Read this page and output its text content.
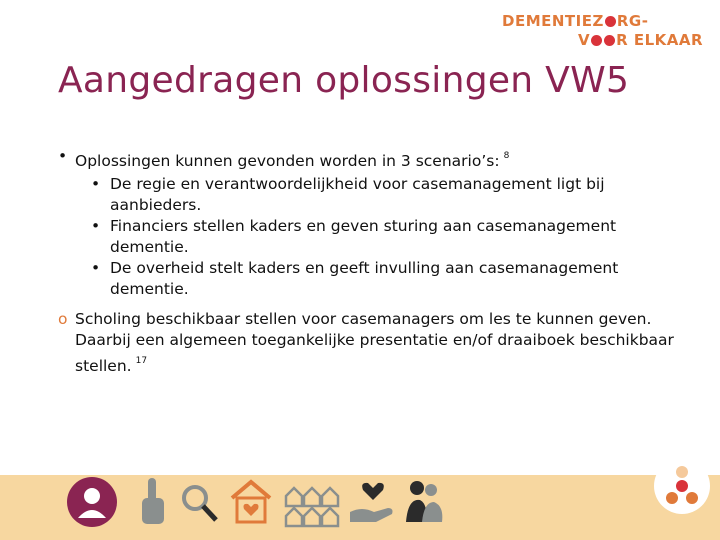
DEMENTIEZ RG-
V R ELKAAR
Aangedragen oplossingen VW5
• Oplossingen kunnen gevonden worden in 3 scenario’s: $^8$
• De regie en verantwoordelijkheid voor casemanagement ligt bij aanbieders.
• Financiers stellen kaders en geven sturing aan casemanagement dementie.
• De overheid stelt kaders en geeft invulling aan casemanagement dementie.
o Scholing beschikbaar stellen voor casemanagers om les te kunnen geven. Daarbij een algemeen toegankelijke presentatie en/of draaiboek beschikbaar stellen. $^{17}$
